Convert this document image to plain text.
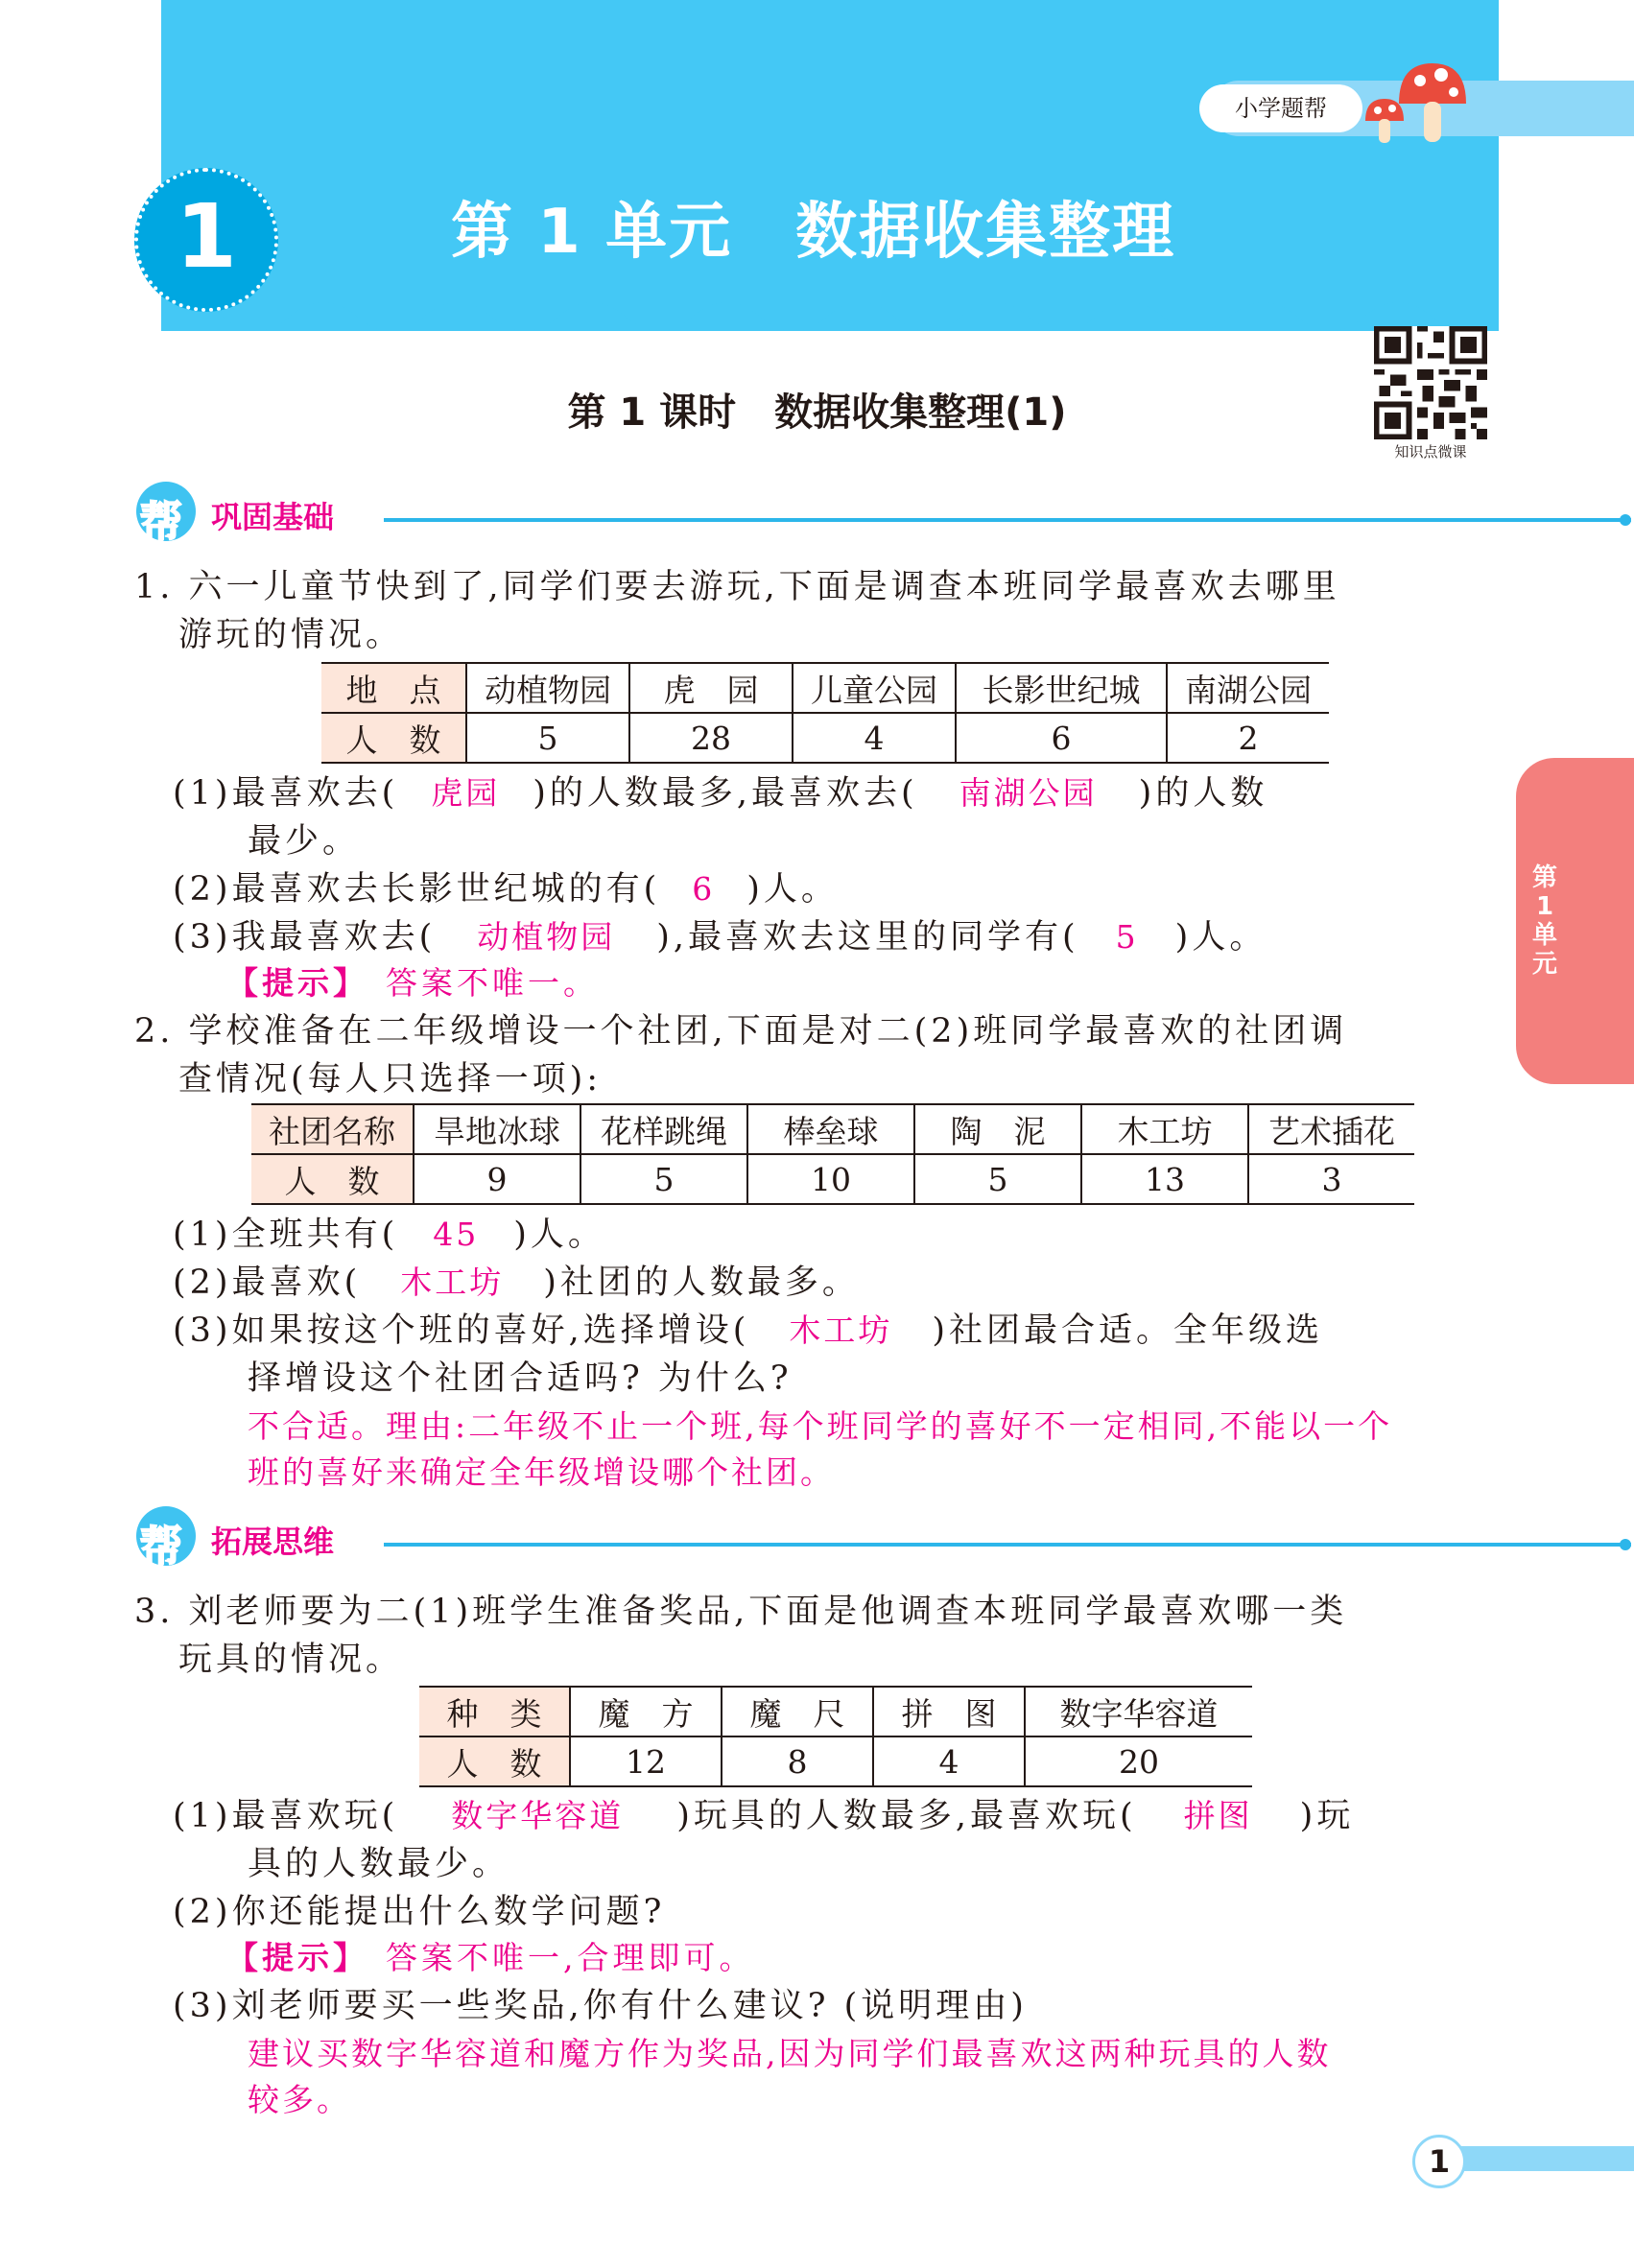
小学题帮
1	第 1 单元　数据收集整理
第 1 课时　数据收集整理(1)
知识点微课
帮 巩固基础
1. 六一儿童节快到了,同学们要去游玩,下面是调查本班同学最喜欢去哪里
游玩的情况。
地　点	动植物园	虎　园	儿童公园	长影世纪城	南湖公园
人　数	5	28	4	6	2
(1)最喜欢去( 虎园 )的人数最多,最喜欢去( 南湖公园 )的人数
最少。
(2)最喜欢去长影世纪城的有( 6 )人。
(3)我最喜欢去( 动植物园 ),最喜欢去这里的同学有( 5 )人。
【提示】 答案不唯一。
2. 学校准备在二年级增设一个社团,下面是对二(2)班同学最喜欢的社团调
查情况(每人只选择一项):
社团名称	旱地冰球	花样跳绳	棒垒球	陶　泥	木工坊	艺术插花
人　数	9	5	10	5	13	3
(1)全班共有( 45 )人。
(2)最喜欢( 木工坊 )社团的人数最多。
(3)如果按这个班的喜好,选择增设( 木工坊 )社团最合适。全年级选
择增设这个社团合适吗? 为什么?
不合适。理由:二年级不止一个班,每个班同学的喜好不一定相同,不能以一个
班的喜好来确定全年级增设哪个社团。
帮 拓展思维
3. 刘老师要为二(1)班学生准备奖品,下面是他调查本班同学最喜欢哪一类
玩具的情况。
种　类	魔　方	魔　尺	拼　图	数字华容道
人　数	12	8	4	20
(1)最喜欢玩( 数字华容道 )玩具的人数最多,最喜欢玩( 拼图 )玩
具的人数最少。
(2)你还能提出什么数学问题?
【提示】 答案不唯一,合理即可。
(3)刘老师要买一些奖品,你有什么建议? (说明理由)
建议买数字华容道和魔方作为奖品,因为同学们最喜欢这两种玩具的人数
较多。
第1单元
1
